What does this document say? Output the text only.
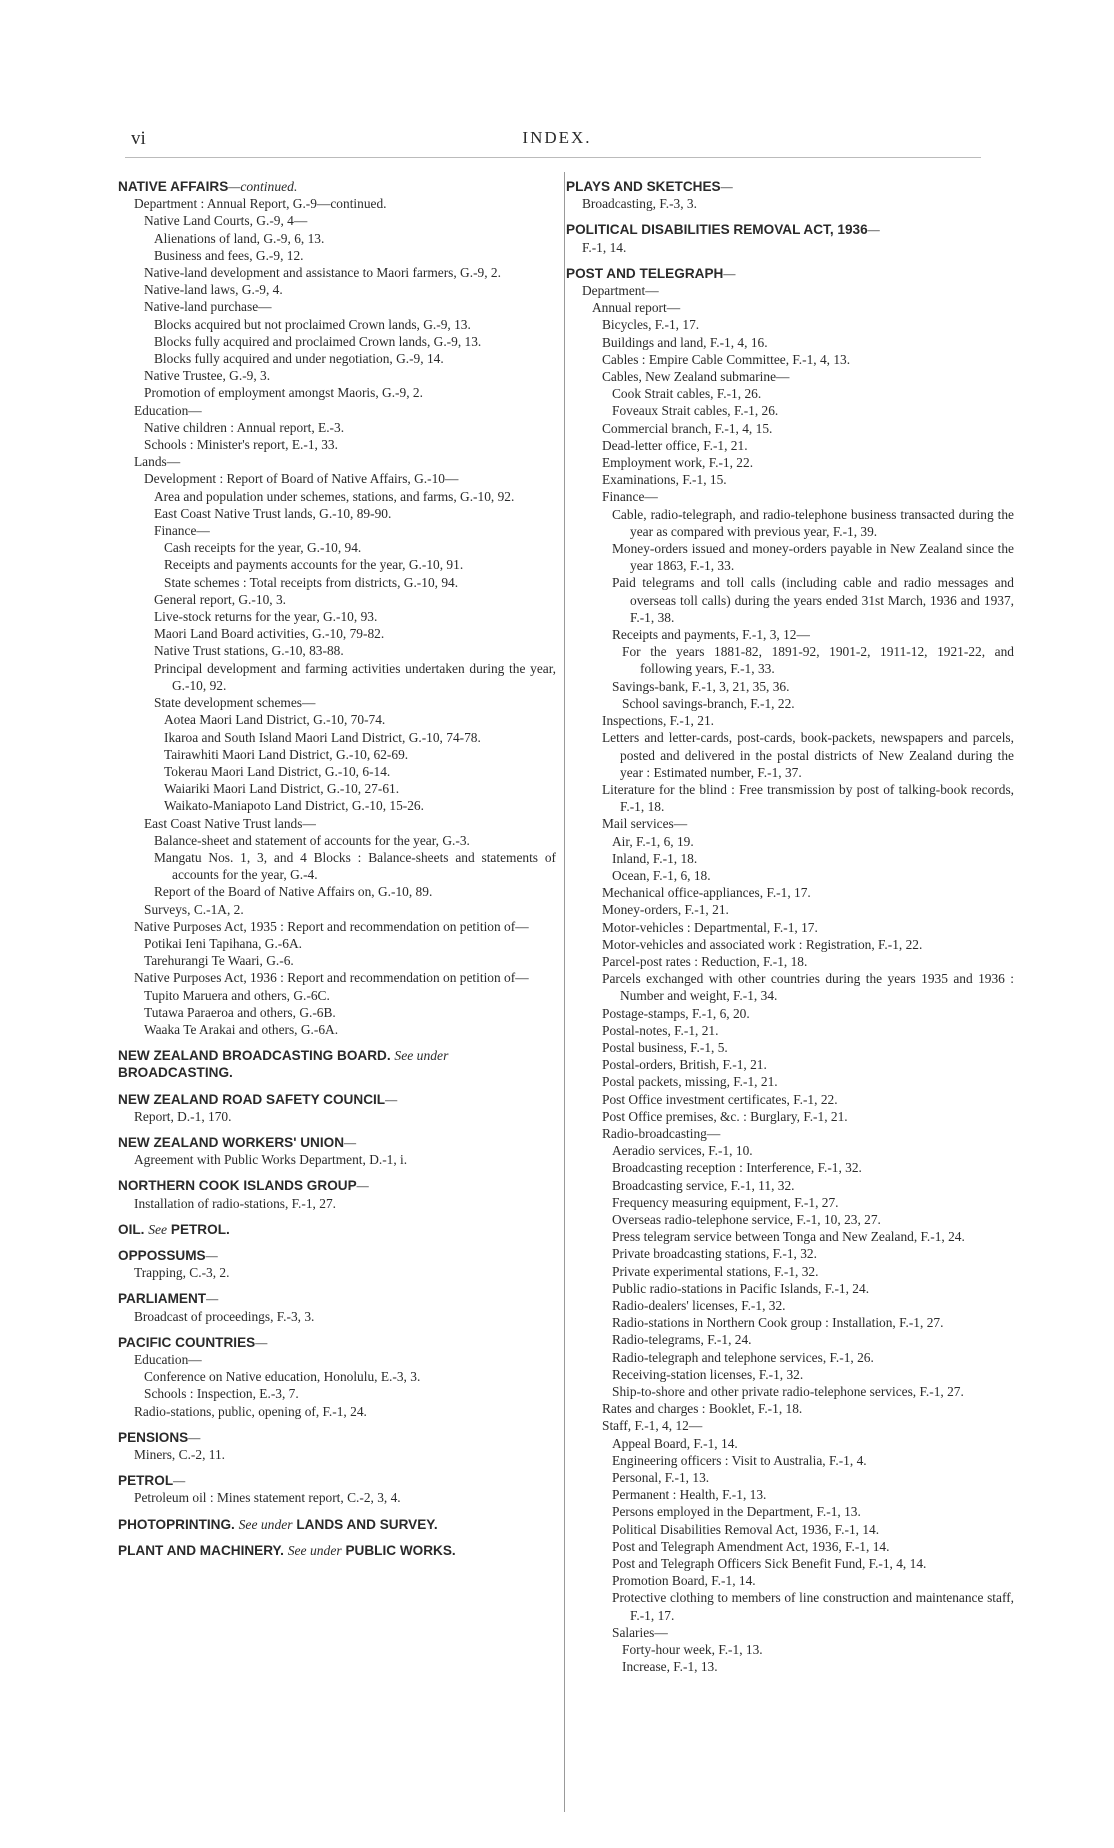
vi	INDEX.
NATIVE AFFAIRS—continued.
Department : Annual Report, G.-9—continued.
Native Land Courts, G.-9, 4—
Alienations of land, G.-9, 6, 13.
Business and fees, G.-9, 12.
Native-land development and assistance to Maori farmers, G.-9, 2.
Native-land laws, G.-9, 4.
Native-land purchase—
Blocks acquired but not proclaimed Crown lands, G.-9, 13.
Blocks fully acquired and proclaimed Crown lands, G.-9, 13.
Blocks fully acquired and under negotiation, G.-9, 14.
Native Trustee, G.-9, 3.
Promotion of employment amongst Maoris, G.-9, 2.
Education—
Native children : Annual report, E.-3.
Schools : Minister's report, E.-1, 33.
Lands—
Development : Report of Board of Native Affairs, G.-10—
Area and population under schemes, stations, and farms, G.-10, 92.
East Coast Native Trust lands, G.-10, 89-90.
Finance—
Cash receipts for the year, G.-10, 94.
Receipts and payments accounts for the year, G.-10, 91.
State schemes : Total receipts from districts, G.-10, 94.
General report, G.-10, 3.
Live-stock returns for the year, G.-10, 93.
Maori Land Board activities, G.-10, 79-82.
Native Trust stations, G.-10, 83-88.
Principal development and farming activities undertaken during the year, G.-10, 92.
State development schemes—
Aotea Maori Land District, G.-10, 70-74.
Ikaroa and South Island Maori Land District, G.-10, 74-78.
Tairawhiti Maori Land District, G.-10, 62-69.
Tokerau Maori Land District, G.-10, 6-14.
Waiariki Maori Land District, G.-10, 27-61.
Waikato-Maniapoto Land District, G.-10, 15-26.
East Coast Native Trust lands—
Balance-sheet and statement of accounts for the year, G.-3.
Mangatu Nos. 1, 3, and 4 Blocks : Balance-sheets and statements of accounts for the year, G.-4.
Report of the Board of Native Affairs on, G.-10, 89.
Surveys, C.-1A, 2.
Native Purposes Act, 1935 : Report and recommendation on petition of—
Potikai Ieni Tapihana, G.-6A.
Tarehurangi Te Waari, G.-6.
Native Purposes Act, 1936 : Report and recommendation on petition of—
Tupito Maruera and others, G.-6C.
Tutawa Paraeroa and others, G.-6B.
Waaka Te Arakai and others, G.-6A.
NEW ZEALAND BROADCASTING BOARD. See under BROADCASTING.
NEW ZEALAND ROAD SAFETY COUNCIL—
Report, D.-1, 170.
NEW ZEALAND WORKERS' UNION—
Agreement with Public Works Department, D.-1, i.
NORTHERN COOK ISLANDS GROUP—
Installation of radio-stations, F.-1, 27.
OIL. See PETROL.
OPPOSSUMS—
Trapping, C.-3, 2.
PARLIAMENT—
Broadcast of proceedings, F.-3, 3.
PACIFIC COUNTRIES—
Education—
Conference on Native education, Honolulu, E.-3, 3.
Schools : Inspection, E.-3, 7.
Radio-stations, public, opening of, F.-1, 24.
PENSIONS—
Miners, C.-2, 11.
PETROL—
Petroleum oil : Mines statement report, C.-2, 3, 4.
PHOTOPRINTING. See under LANDS AND SURVEY.
PLANT AND MACHINERY. See under PUBLIC WORKS.
PLAYS AND SKETCHES—
Broadcasting, F.-3, 3.
POLITICAL DISABILITIES REMOVAL ACT, 1936—
F.-1, 14.
POST AND TELEGRAPH—
Department—
Annual report—
Bicycles, F.-1, 17.
Buildings and land, F.-1, 4, 16.
Cables : Empire Cable Committee, F.-1, 4, 13.
Cables, New Zealand submarine—
Cook Strait cables, F.-1, 26.
Foveaux Strait cables, F.-1, 26.
Commercial branch, F.-1, 4, 15.
Dead-letter office, F.-1, 21.
Employment work, F.-1, 22.
Examinations, F.-1, 15.
Finance—
Cable, radio-telegraph, and radio-telephone business transacted during the year as compared with previous year, F.-1, 39.
Money-orders issued and money-orders payable in New Zealand since the year 1863, F.-1, 33.
Paid telegrams and toll calls (including cable and radio messages and overseas toll calls) during the years ended 31st March, 1936 and 1937, F.-1, 38.
Receipts and payments, F.-1, 3, 12—
For the years 1881-82, 1891-92, 1901-2, 1911-12, 1921-22, and following years, F.-1, 33.
Savings-bank, F.-1, 3, 21, 35, 36.
School savings-branch, F.-1, 22.
Inspections, F.-1, 21.
Letters and letter-cards, post-cards, book-packets, newspapers and parcels, posted and delivered in the postal districts of New Zealand during the year : Estimated number, F.-1, 37.
Literature for the blind : Free transmission by post of talking-book records, F.-1, 18.
Mail services—
Air, F.-1, 6, 19.
Inland, F.-1, 18.
Ocean, F.-1, 6, 18.
Mechanical office-appliances, F.-1, 17.
Money-orders, F.-1, 21.
Motor-vehicles : Departmental, F.-1, 17.
Motor-vehicles and associated work : Registration, F.-1, 22.
Parcel-post rates : Reduction, F.-1, 18.
Parcels exchanged with other countries during the years 1935 and 1936 : Number and weight, F.-1, 34.
Postage-stamps, F.-1, 6, 20.
Postal-notes, F.-1, 21.
Postal business, F.-1, 5.
Postal-orders, British, F.-1, 21.
Postal packets, missing, F.-1, 21.
Post Office investment certificates, F.-1, 22.
Post Office premises, &c. : Burglary, F.-1, 21.
Radio-broadcasting—
Aeradio services, F.-1, 10.
Broadcasting reception : Interference, F.-1, 32.
Broadcasting service, F.-1, 11, 32.
Frequency measuring equipment, F.-1, 27.
Overseas radio-telephone service, F.-1, 10, 23, 27.
Press telegram service between Tonga and New Zealand, F.-1, 24.
Private broadcasting stations, F.-1, 32.
Private experimental stations, F.-1, 32.
Public radio-stations in Pacific Islands, F.-1, 24.
Radio-dealers' licenses, F.-1, 32.
Radio-stations in Northern Cook group : Installation, F.-1, 27.
Radio-telegrams, F.-1, 24.
Radio-telegraph and telephone services, F.-1, 26.
Receiving-station licenses, F.-1, 32.
Ship-to-shore and other private radio-telephone services, F.-1, 27.
Rates and charges : Booklet, F.-1, 18.
Staff, F.-1, 4, 12—
Appeal Board, F.-1, 14.
Engineering officers : Visit to Australia, F.-1, 4.
Personal, F.-1, 13.
Permanent : Health, F.-1, 13.
Persons employed in the Department, F.-1, 13.
Political Disabilities Removal Act, 1936, F.-1, 14.
Post and Telegraph Amendment Act, 1936, F.-1, 14.
Post and Telegraph Officers Sick Benefit Fund, F.-1, 4, 14.
Promotion Board, F.-1, 14.
Protective clothing to members of line construction and maintenance staff, F.-1, 17.
Salaries—
Forty-hour week, F.-1, 13.
Increase, F.-1, 13.
